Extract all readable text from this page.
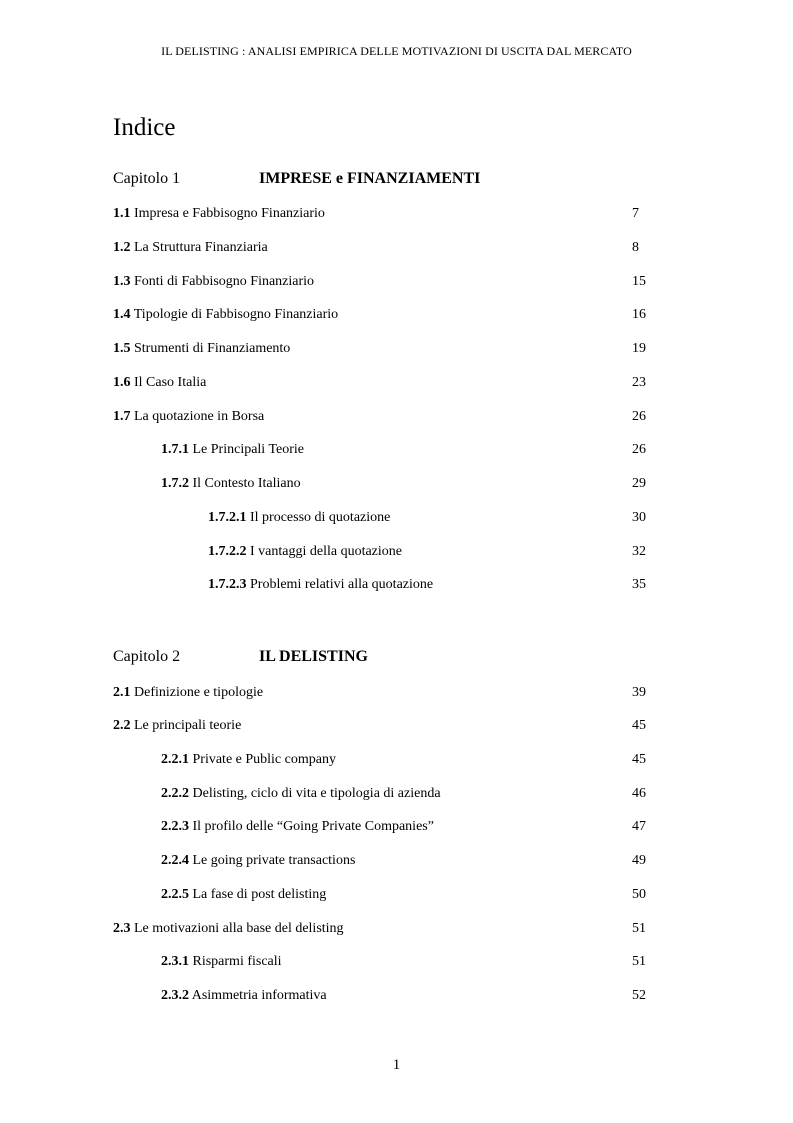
IL DELISTING : ANALISI EMPIRICA DELLE MOTIVAZIONI DI USCITA DAL MERCATO
Indice
Capitolo 1	IMPRESE e FINANZIAMENTI
1.1 Impresa e Fabbisogno Finanziario	7
1.2 La Struttura Finanziaria	8
1.3 Fonti di Fabbisogno Finanziario	15
1.4 Tipologie di Fabbisogno Finanziario	16
1.5 Strumenti di Finanziamento	19
1.6 Il Caso Italia	23
1.7 La quotazione in Borsa	26
1.7.1 Le Principali Teorie	26
1.7.2 Il Contesto Italiano	29
1.7.2.1 Il processo di quotazione	30
1.7.2.2 I vantaggi della quotazione	32
1.7.2.3 Problemi relativi alla quotazione	35
Capitolo 2	IL DELISTING
2.1 Definizione e tipologie	39
2.2 Le principali teorie	45
2.2.1 Private e Public company	45
2.2.2 Delisting, ciclo di vita e tipologia di azienda	46
2.2.3 Il profilo delle “Going Private Companies”	47
2.2.4 Le going private transactions	49
2.2.5 La fase di post delisting	50
2.3 Le motivazioni alla base del delisting	51
2.3.1 Risparmi fiscali	51
2.3.2 Asimmetria informativa	52
1
